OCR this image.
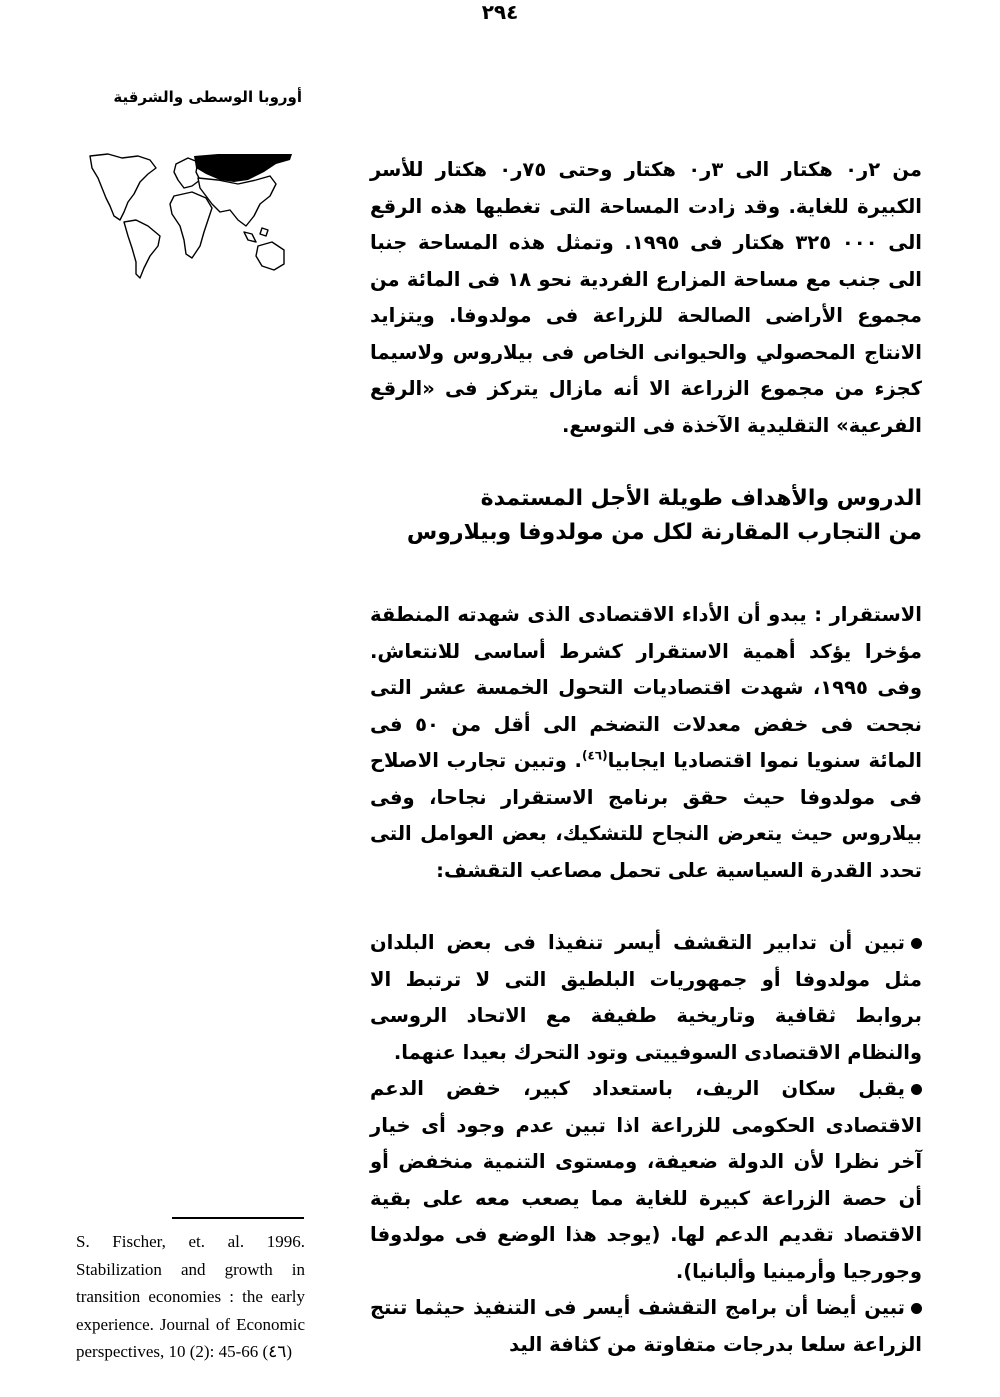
٢٩٤
أوروبا الوسطى والشرقية
من ٢ر٠ هكتار الى ٣ر٠ هكتار وحتى ٧٥ر٠ هكتار للأسر الكبيرة للغاية. وقد زادت المساحة التى تغطيها هذه الرقع الى ٠٠٠ ٣٢٥ هكتار فى ١٩٩٥. وتمثل هذه المساحة جنبا الى جنب مع مساحة المزارع الفردية نحو ١٨ فى المائة من مجموع الأراضى الصالحة للزراعة فى مولدوفا. ويتزايد الانتاج المحصولي والحيوانى الخاص فى بيلاروس ولاسيما كجزء من مجموع الزراعة الا أنه مازال يتركز فى «الرقع الفرعية» التقليدية الآخذة فى التوسع.
الدروس والأهداف طويلة الأجل المستمدة
من التجارب المقارنة لكل من مولدوفا وبيلاروس
الاستقرار : يبدو أن الأداء الاقتصادى الذى شهدته المنطقة مؤخرا يؤكد أهمية الاستقرار كشرط أساسى للانتعاش. وفى ١٩٩٥، شهدت اقتصاديات التحول الخمسة عشر التى نجحت فى خفض معدلات التضخم الى أقل من ٥٠ فى المائة سنويا نموا اقتصاديا ايجابيا$^{(٤٦)}$. وتبين تجارب الاصلاح فى مولدوفا حيث حقق برنامج الاستقرار نجاحا، وفى بيلاروس حيث يتعرض النجاح للتشكيك، بعض العوامل التى تحدد القدرة السياسية على تحمل مصاعب التقشف:
تبين أن تدابير التقشف أيسر تنفيذا فى بعض البلدان مثل مولدوفا أو جمهوريات البلطيق التى لا ترتبط الا بروابط ثقافية وتاريخية طفيفة مع الاتحاد الروسى والنظام الاقتصادى السوفييتى وتود التحرك بعيدا عنهما.
يقبل سكان الريف، باستعداد كبير، خفض الدعم الاقتصادى الحكومى للزراعة اذا تبين عدم وجود أى خيار آخر نظرا لأن الدولة ضعيفة، ومستوى التنمية منخفض أو أن حصة الزراعة كبيرة للغاية مما يصعب معه على بقية الاقتصاد تقديم الدعم لها. (يوجد هذا الوضع فى مولدوفا وجورجيا وأرمينيا وألبانيا).
تبين أيضا أن برامج التقشف أيسر فى التنفيذ حيثما تنتج الزراعة سلعا بدرجات متفاوتة من كثافة اليد
S. Fischer, et. al. 1996. Stabilization and growth in transition economies : the early experience. Journal of Economic perspectives, 10 (2): 45-66 (٤٦)
